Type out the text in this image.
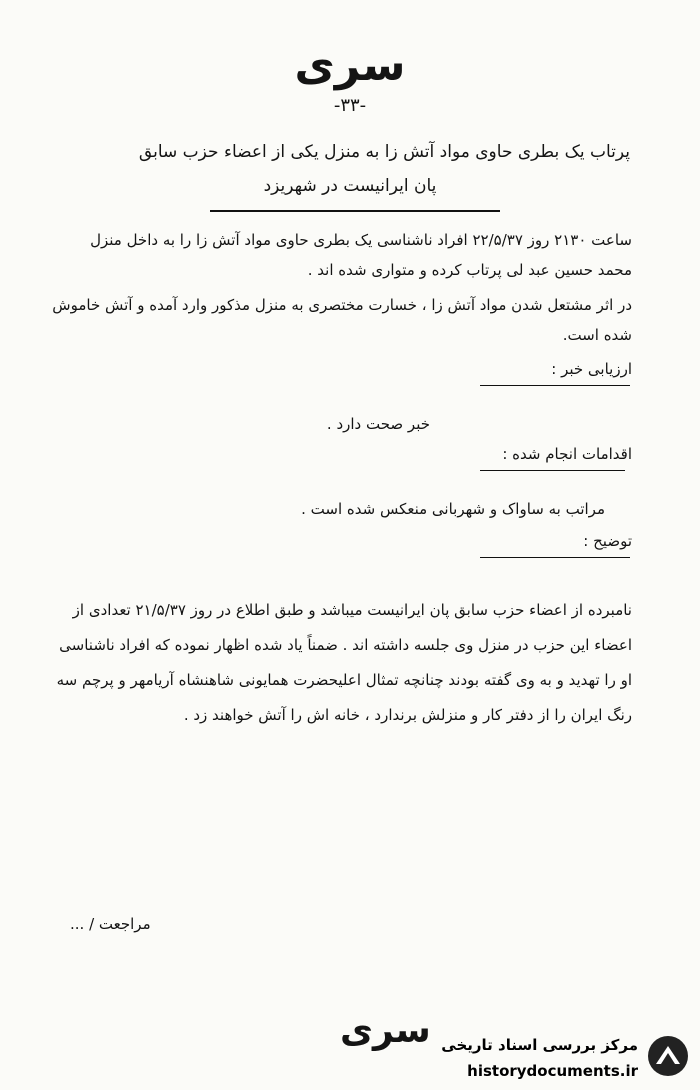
سری
-۳۳-
پرتاب یک بطری حاوی مواد آتش زا به منزل یکی از اعضاء حزب سابق
پان ایرانیست در شهریزد
ساعت ۲۱۳۰ روز ۲۲/۵/۳۷ افراد ناشناسی یک بطری حاوی مواد آتش زا را به داخل منزل محمد حسین عبد لی پرتاب کرده و متواری شده اند .
در اثر مشتعل شدن مواد آتش زا ، خسارت مختصری به منزل مذکور وارد آمده و آتش خاموش شده است.
ارزیابی خبر :
خبر صحت دارد .
اقدامات انجام شده :
مراتب به ساواک و شهربانی منعکس شده است .
توضیح :
نامبرده از اعضاء حزب سابق پان ایرانیست میباشد و طبق اطلاع در روز ۲۱/۵/۳۷ تعدادی از اعضاء این حزب در منزل وی جلسه داشته اند . ضمناً یاد شده اظهار نموده که افراد ناشناسی او را تهدید و به وی گفته بودند چنانچه تمثال اعلیحضرت همایونی شاهنشاه آریامهر و پرچم سه رنگ ایران را از دفتر کار و منزلش برندارد ، خانه اش را آتش خواهند زد .
مراجعت / ...
سری مرکز بررسی اسناد تاریخی
historydocuments.ir
